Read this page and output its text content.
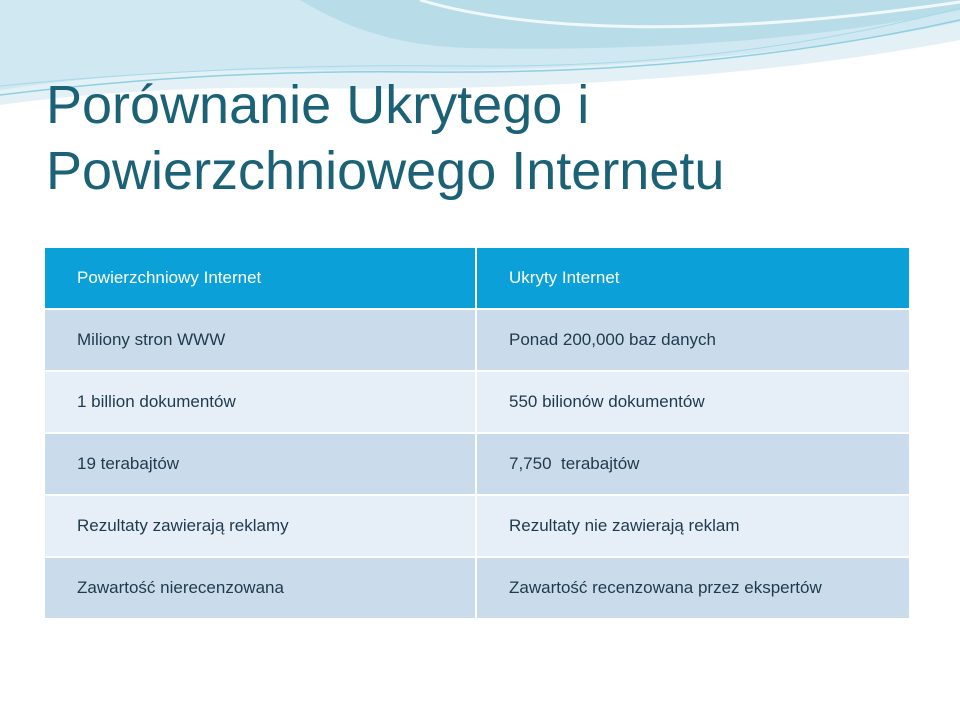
Porównanie Ukrytego i Powierzchniowego Internetu
Powierzchniowy Internet	Ukryty Internet
Miliony stron WWW	Ponad 200,000 baz danych
1 billion dokumentów	550 bilionów dokumentów
19 terabajtów	7,750  terabajtów
Rezultaty zawierają reklamy	Rezultaty nie zawierają reklam
Zawartość nierecenzowana	Zawartość recenzowana przez ekspertów
